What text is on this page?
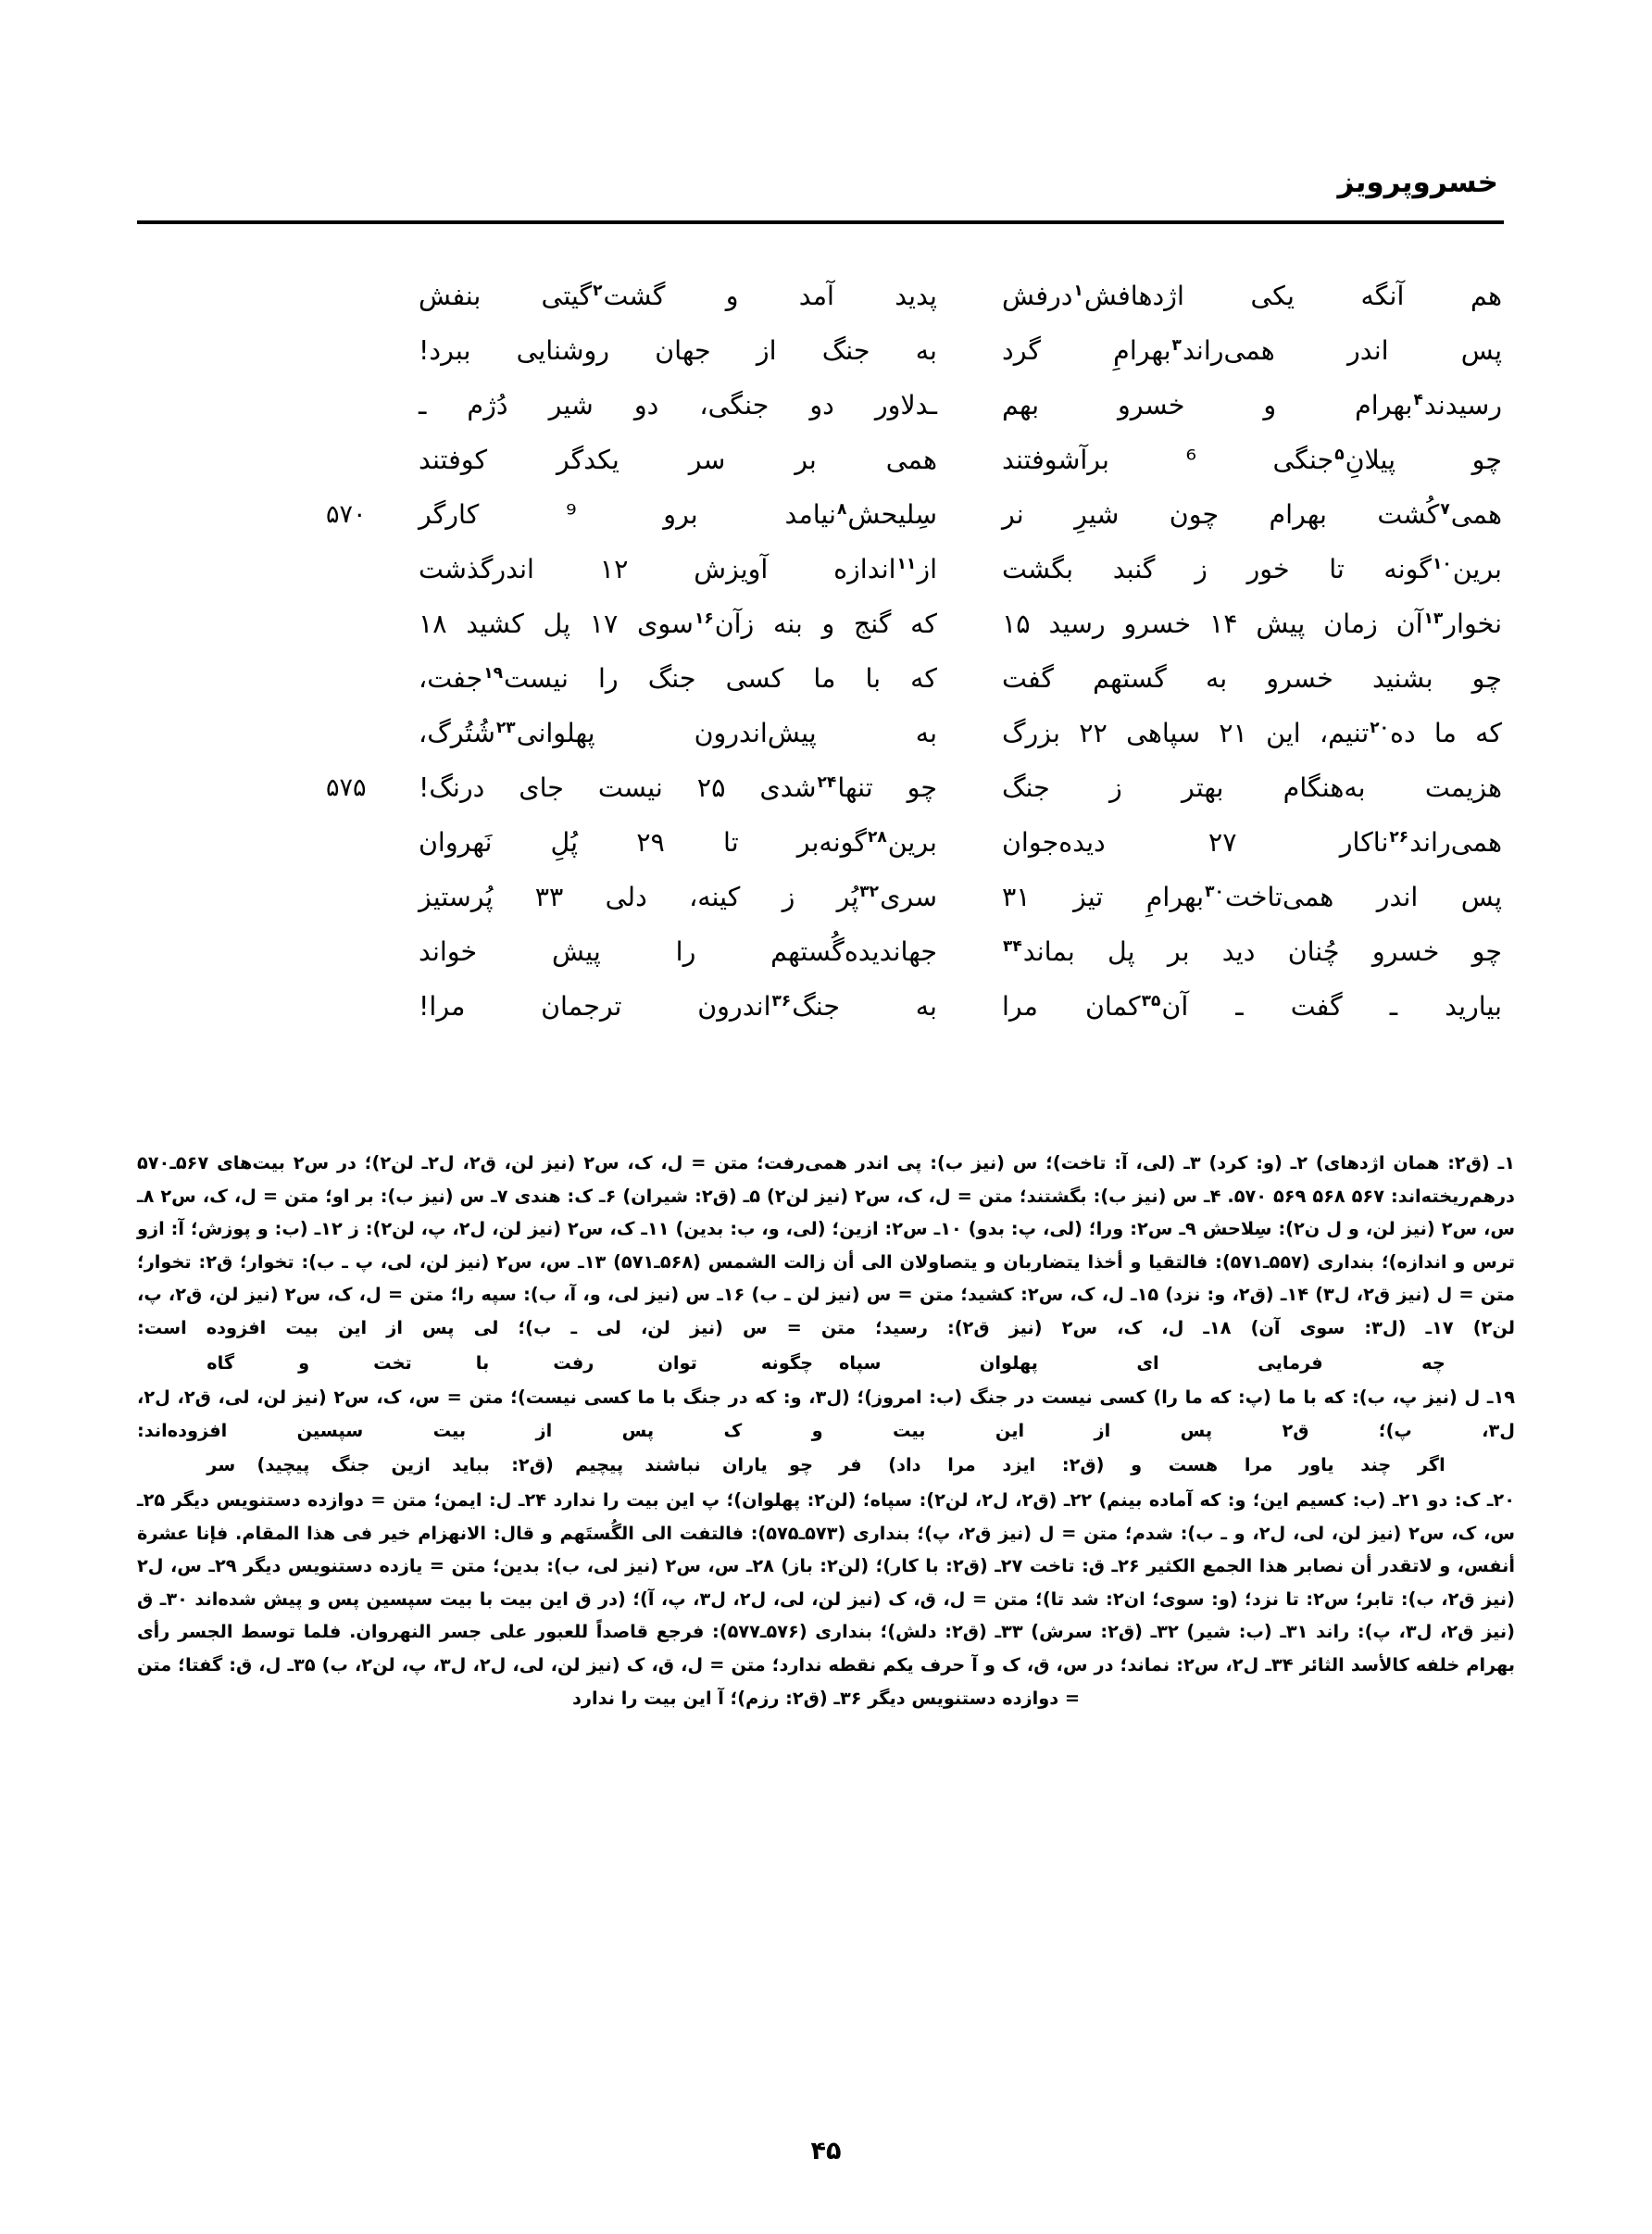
خسروپرویز
هم آنگه یکی اژدهافش$^۱$درفش
پدید آمد و گشت$^۲$گیتی بنفش
پس اندر همی‌راند$^۳$بهرامِ گرد
به جنگ از جهان روشنایی ببرد!
رسیدند$^۴$بهرام و خسرو بهم
ـدلاور دو جنگی، دو شیر دُژم ـ
چو پیلانِ$^۵$جنگی ⁶ برآشوفتند
همی بر سر یکدگر کوفتند
۵۷۰	همی$^۷$کُشت بهرام چون شیرِ نر
سِلیحش$^۸$نیامد برو ⁹ کارگر
برین$^{۱۰}$گونه تا خور ز گنبد بگشت
از$^{۱۱}$اندازه آویزش ۱۲ اندرگذشت
نخوار$^{۱۳}$آن زمان پیش ۱۴ خسرو رسید ۱۵
که گنج و بنه زآن$^{۱۶}$سوی ۱۷ پل کشید ۱۸
چو بشنید خسرو به گستهم گفت
که با ما کسی جنگ را نیست$^{۱۹}$جفت،
که ما ده$^{۲۰}$تنیم، این ۲۱ سپاهی ۲۲ بزرگ
به پیش‌اندرون پهلوانی$^{۲۳}$شُتُرگ،
۵۷۵	هزیمت به‌هنگام بهتر ز جنگ
چو تنها$^{۲۴}$شدی ۲۵ نیست جای درنگ!
همی‌راند$^{۲۶}$ناکار ۲۷ دیده‌جوان
برین$^{۲۸}$گونه‌بر تا ۲۹ پُلِ نَهروان
پس اندر همی‌تاخت$^{۳۰}$بهرامِ تیز ۳۱
سری$^{۳۲}$پُر ز کینه، دلی ۳۳ پُرستیز
چو خسرو چُنان دید بر پل بماند$^{۳۴}$
جهاندیده‌گُستهم را پیش خواند
بیارید ـ گفت ـ آن$^{۳۵}$کمان مرا
به جنگ$^{۳۶}$اندرون ترجمان مرا!

۱ـ (ق۲: همان اژدهای) ۲ـ (و: کرد) ۳ـ (لی، آ: تاخت)؛ س (نیز ب): پی اندر همی‌رفت؛ متن = ل، ک، س۲ (نیز لن، ق۲، ل۲ـ لن۲)؛ در س۲ بیت‌های ۵۶۷ـ۵۷۰ درهم‌ریخته‌اند: ۵۶۷ ۵۶۸ ۵۶۹ ۵۷۰. ۴ـ س (نیز ب): بگشتند؛ متن = ل، ک، س۲ (نیز لن۲) ۵ـ (ق۲: شیران) ۶ـ ک: هندی ۷ـ س (نیز ب): بر او؛ متن = ل، ک، س۲ ۸ـ س، س۲ (نیز لن، و ل ن۲): سِلاحش ۹ـ س۲: ورا؛ (لی، پ: بدو) ۱۰ـ س۲: ازین؛ (لی، و، ب: بدین) ۱۱ـ ک، س۲ (نیز لن، ل۲، پ، لن۲): ز ۱۲ـ (ب: و پوزش؛ آ: ازو ترس و اندازه)؛ بنداری (۵۵۷ـ۵۷۱): فالتقیا و أخذا یتضاربان و یتصاولان الی أن زالت الشمس (۵۶۸ـ۵۷۱) ۱۳ـ س، س۲ (نیز لن، لی، پ ـ ب): تخوار؛ ق۲: تخوار؛ متن = ل (نیز ق۲، ل۳) ۱۴ـ (ق۲، و: نزد) ۱۵ـ ل، ک، س۲: کشید؛ متن = س (نیز لن ـ ب) ۱۶ـ س (نیز لی، و، آ، ب): سپه را؛ متن = ل، ک، س۲ (نیز لن، ق۲، پ، لن۲) ۱۷ـ (ل۳: سوی آن) ۱۸ـ ل، ک، س۲ (نیز ق۲): رسید؛ متن = س (نیز لن، لی ـ ب)؛ لی پس از این بیت افزوده است:

چه فرمایی ای پهلوان سپاهچگونه توان رفت با تخت و گاه

۱۹ـ ل (نیز پ، ب): که با ما (پ: که ما را) کسی نیست در جنگ (ب: امروز)؛ (ل۳، و: که در جنگ با ما کسی نیست)؛ متن = س، ک، س۲ (نیز لن، لی، ق۲، ل۲، ل۳، پ)؛ ق۲ پس از این بیت و ک پس از بیت سپسین افزوده‌اند:

اگر چند یاور مرا هست و (ق۲: ایزد مرا داد) فرچو یاران نباشند پیچیم (ق۲: بباید ازین جنگ پیچید) سر

۲۰ـ ک: دو ۲۱ـ (ب: کسیم این؛ و: که آماده بینم) ۲۲ـ (ق۲، ل۲، لن۲): سپاه؛ (لن۲: پهلوان)؛ پ این بیت را ندارد ۲۴ـ ل: ایمن؛ متن = دوازده دستنویس دیگر ۲۵ـ س، ک، س۲ (نیز لن، لی، ل۲، و ـ ب): شدم؛ متن = ل (نیز ق۲، پ)؛ بنداری (۵۷۳ـ۵۷۵): فالتفت الی الگُستَهم و قال: الانهزام خیر فی هذا المقام. فإنا عشرة أنفس، و لاتقدر أن نصابر هذا الجمع الکثیر ۲۶ـ ق: تاخت ۲۷ـ (ق۲: با کار)؛ (لن۲: باز) ۲۸ـ س، س۲ (نیز لی، ب): بدین؛ متن = یازده دستنویس دیگر ۲۹ـ س، ل۲ (نیز ق۲، ب): تابر؛ س۲: تا نزد؛ (و: سوی؛ ان۲: شد تا)؛ متن = ل، ق، ک (نیز لن، لی، ل۲، ل۳، پ، آ)؛ (در ق این بیت با بیت سپسین پس و پیش شده‌اند ۳۰ـ ق (نیز ق۲، ل۳، پ): راند ۳۱ـ (ب: شیر) ۳۲ـ (ق۲: سرش) ۳۳ـ (ق۲: دلش)؛ بنداری (۵۷۶ـ۵۷۷): فرجع قاصداً للعبور علی جسر النهروان. فلما توسط الجسر رأی بهرام خلفه کالأسد الثائر ۳۴ـ ل۲، س۲: نماند؛ در س، ق، ک و آ حرف یکم نقطه ندارد؛ متن = ل، ق، ک (نیز لن، لی، ل۲، ل۳، پ، لن۲، ب) ۳۵ـ ل، ق: گفتا؛ متن = دوازده دستنویس دیگر ۳۶ـ (ق۲: رزم)؛ آ این بیت را ندارد

۴۵
